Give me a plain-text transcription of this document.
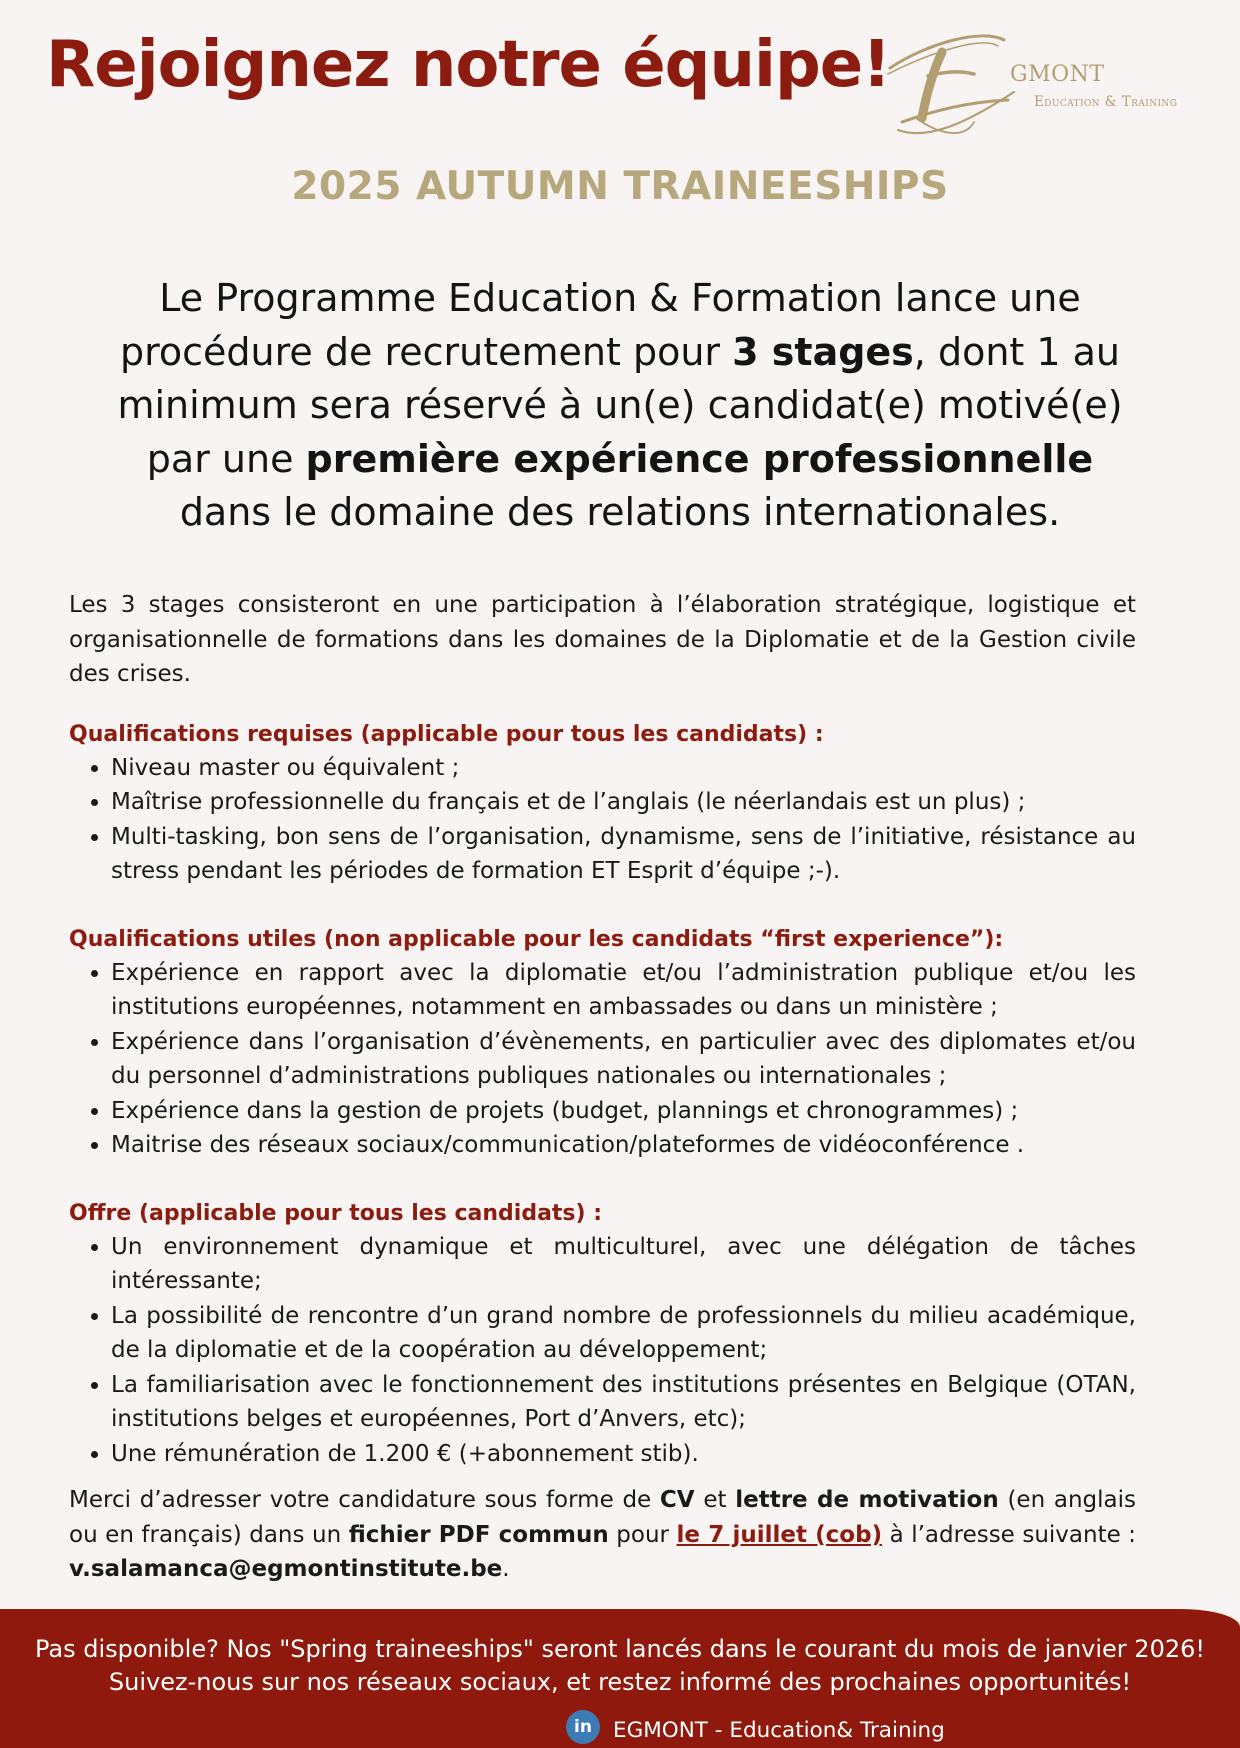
Rejoignez notre équipe!	GMONT
Education & Training
2025 AUTUMN TRAINEESHIPS

Le Programme Education & Formation lance une procédure de recrutement pour 3 stages, dont 1 au minimum sera réservé à un(e) candidat(e) motivé(e) par une première expérience professionnelle dans le domaine des relations internationales.

Les 3 stages consisteront en une participation à l’élaboration stratégique, logistique et organisationnelle de formations dans les domaines de la Diplomatie et de la Gestion civile des crises.

Qualifications requises (applicable pour tous les candidats) :

• Niveau master ou équivalent ;
• Maîtrise professionnelle du français et de l’anglais (le néerlandais est un plus) ;
• Multi-tasking, bon sens de l’organisation, dynamisme, sens de l’initiative, résistance au stress pendant les périodes de formation ET Esprit d’équipe ;-).

Qualifications utiles (non applicable pour les candidats “first experience”):

• Expérience en rapport avec la diplomatie et/ou l’administration publique et/ou les institutions européennes, notamment en ambassades ou dans un ministère ;
• Expérience dans l’organisation d’évènements, en particulier avec des diplomates et/ou du personnel d’administrations publiques nationales ou internationales ;
• Expérience dans la gestion de projets (budget, plannings et chronogrammes) ;
• Maitrise des réseaux sociaux/communication/plateformes de vidéoconférence .

Offre (applicable pour tous les candidats) :

• Un environnement dynamique et multiculturel, avec une délégation de tâches intéressante;
• La possibilité de rencontre d’un grand nombre de professionnels du milieu académique, de la diplomatie et de la coopération au développement;
• La familiarisation avec le fonctionnement des institutions présentes en Belgique (OTAN, institutions belges et européennes, Port d’Anvers, etc);
• Une rémunération de 1.200 € (+abonnement stib).

Merci d’adresser votre candidature sous forme de CV et lettre de motivation (en anglais ou en français) dans un fichier PDF commun pour le 7 juillet (cob) à l’adresse suivante : v.salamanca@egmontinstitute.be.

Pas disponible? Nos "Spring traineeships" seront lancés dans le courant du mois de janvier 2026! Suivez-nous sur nos réseaux sociaux, et restez informé des prochaines opportunités!

in EGMONT - Education& Training
